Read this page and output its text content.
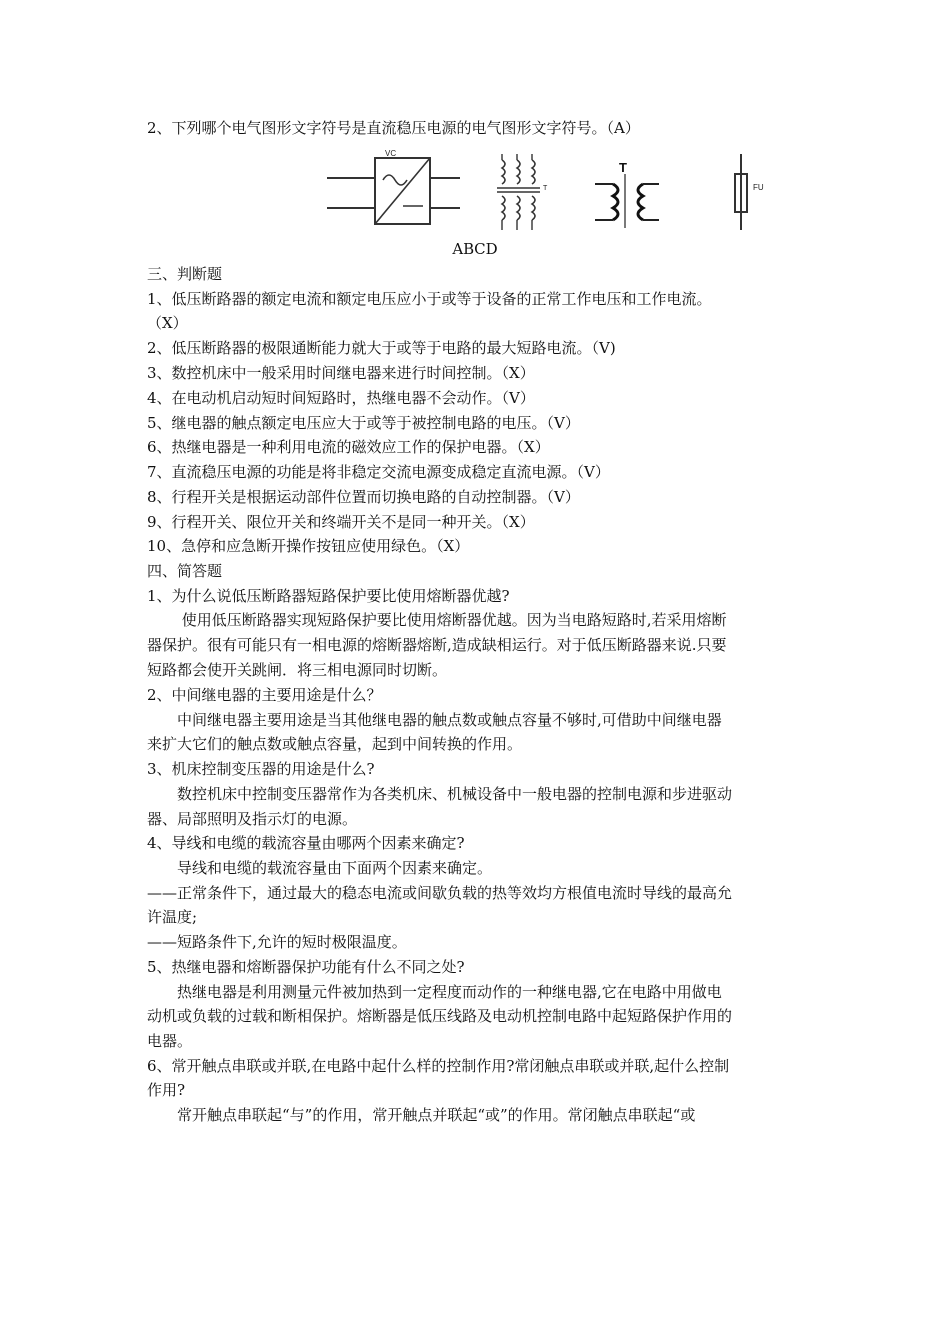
2、下列哪个电气图形文字符号是直流稳压电源的电气图形文字符号。（A）
VC
T
T
FU
ABⅭⅮ
三、判断题
1、低压断路器的额定电流和额定电压应小于或等于设备的正常工作电压和工作电流。
（X）
2、低压断路器的极限通断能力就大于或等于电路的最大短路电流。（V)
3、数控机床中一般采用时间继电器来进行时间控制。（X）
4、在电动机启动短时间短路时，热继电器不会动作。（V）
5、继电器的触点额定电压应大于或等于被控制电路的电压。（V）
6、热继电器是一种利用电流的磁效应工作的保护电器。（X）
7、直流稳压电源的功能是将非稳定交流电源变成稳定直流电源。（V）
8、行程开关是根据运动部件位置而切换电路的自动控制器。（V）
9、行程开关、限位开关和终端开关不是同一种开关。（X）
10、急停和应急断开操作按钮应使用绿色。（X）
四、简答题
1、为什么说低压断路器短路保护要比使用熔断器优越?
　　 使用低压断路器实现短路保护要比使用熔断器优越。因为当电路短路时,若采用熔断
器保护。很有可能只有一相电源的熔断器熔断,造成缺相运行。对于低压断路器来说.只要
短路都会使开关跳闸．将三相电源同时切断。
2、中间继电器的主要用途是什么？
　　中间继电器主要用途是当其他继电器的触点数或触点容量不够时,可借助中间继电器
来扩大它们的触点数或触点容量，起到中间转换的作用。
3、机床控制变压器的用途是什么?
　　数控机床中控制变压器常作为各类机床、机械设备中一般电器的控制电源和步进驱动
器、局部照明及指示灯的电源。
4、导线和电缆的载流容量由哪两个因素来确定?
　　导线和电缆的载流容量由下面两个因素来确定。
——正常条件下，通过最大的稳态电流或间歇负载的热等效均方根值电流时导线的最高允
许温度;
——短路条件下,允许的短时极限温度。
5、热继电器和熔断器保护功能有什么不同之处?
　　热继电器是利用测量元件被加热到一定程度而动作的一种继电器,它在电路中用做电
动机或负载的过载和断相保护。熔断器是低压线路及电动机控制电路中起短路保护作用的
电器。
6、常开触点串联或并联,在电路中起什么样的控制作用?常闭触点串联或并联,起什么控制
作用?
　　常开触点串联起“与”的作用，常开触点并联起“或”的作用。常闭触点串联起“或
